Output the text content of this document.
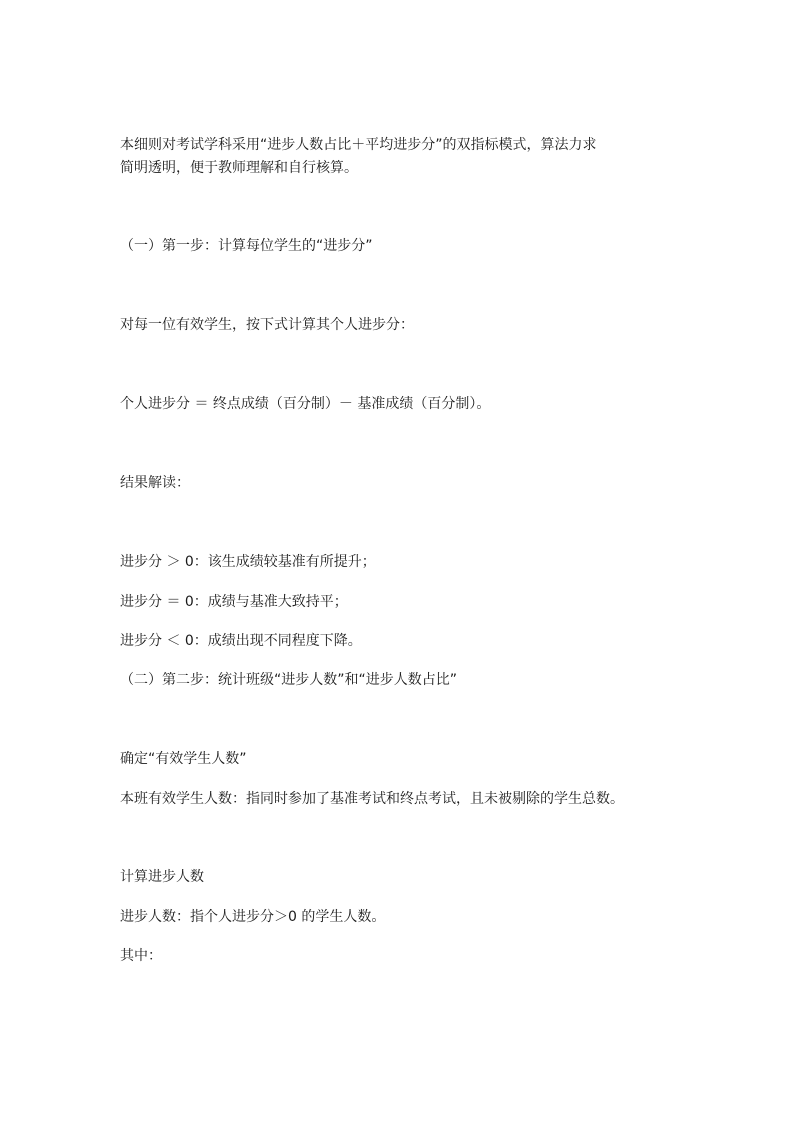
本细则对考试学科采用“进步人数占比＋平均进步分”的双指标模式，算法力求
简明透明，便于教师理解和自行核算。
（一）第一步：计算每位学生的“进步分”
对每一位有效学生，按下式计算其个人进步分：
个人进步分 ＝ 终点成绩（百分制）－ 基准成绩（百分制）。
结果解读：
进步分 ＞ 0：该生成绩较基准有所提升；
进步分 ＝ 0：成绩与基准大致持平；
进步分 ＜ 0：成绩出现不同程度下降。
（二）第二步：统计班级“进步人数”和“进步人数占比”
确定“有效学生人数”
本班有效学生人数：指同时参加了基准考试和终点考试，且未被剔除的学生总数。
计算进步人数
进步人数：指个人进步分＞0 的学生人数。
其中：
